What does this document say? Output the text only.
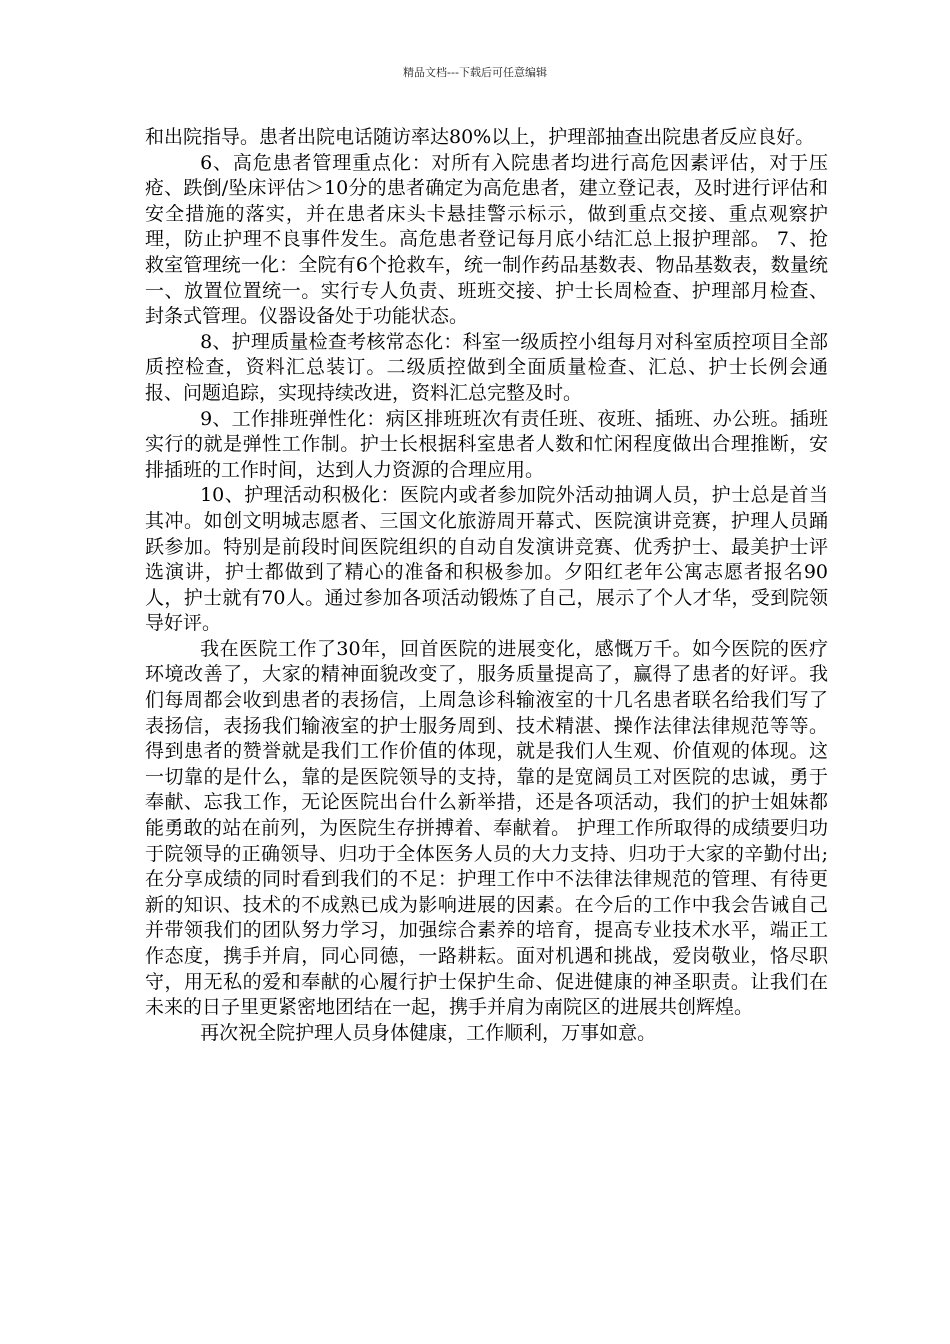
精品文档---下载后可任意编辑

和出院指导。患者出院电话随访率达80%以上，护理部抽查出院患者反应良好。

6、高危患者管理重点化：对所有入院患者均进行高危因素评估，对于压疮、跌倒/坠床评估＞10分的患者确定为高危患者，建立登记表，及时进行评估和安全措施的落实，并在患者床头卡悬挂警示标示，做到重点交接、重点观察护理，防止护理不良事件发生。高危患者登记每月底小结汇总上报护理部。 7、抢救室管理统一化：全院有6个抢救车，统一制作药品基数表、物品基数表，数量统一、放置位置统一。实行专人负责、班班交接、护士长周检查、护理部月检查、封条式管理。仪器设备处于功能状态。

8、护理质量检查考核常态化：科室一级质控小组每月对科室质控项目全部质控检查，资料汇总装订。二级质控做到全面质量检查、汇总、护士长例会通报、问题追踪，实现持续改进，资料汇总完整及时。

9、工作排班弹性化：病区排班班次有责任班、夜班、插班、办公班。插班实行的就是弹性工作制。护士长根据科室患者人数和忙闲程度做出合理推断，安排插班的工作时间，达到人力资源的合理应用。

10、护理活动积极化：医院内或者参加院外活动抽调人员，护士总是首当其冲。如创文明城志愿者、三国文化旅游周开幕式、医院演讲竞赛，护理人员踊跃参加。特别是前段时间医院组织的自动自发演讲竞赛、优秀护士、最美护士评选演讲，护士都做到了精心的准备和积极参加。夕阳红老年公寓志愿者报名90人，护士就有70人。通过参加各项活动锻炼了自己，展示了个人才华，受到院领导好评。

我在医院工作了30年，回首医院的进展变化，感慨万千。如今医院的医疗环境改善了，大家的精神面貌改变了，服务质量提高了，赢得了患者的好评。我们每周都会收到患者的表扬信，上周急诊科输液室的十几名患者联名给我们写了表扬信，表扬我们输液室的护士服务周到、技术精湛、操作法律法律规范等等。得到患者的赞誉就是我们工作价值的体现，就是我们人生观、价值观的体现。这一切靠的是什么，靠的是医院领导的支持，靠的是宽阔员工对医院的忠诚，勇于奉献、忘我工作，无论医院出台什么新举措，还是各项活动，我们的护士姐妹都能勇敢的站在前列，为医院生存拼搏着、奉献着。 护理工作所取得的成绩要归功于院领导的正确领导、归功于全体医务人员的大力支持、归功于大家的辛勤付出;在分享成绩的同时看到我们的不足：护理工作中不法律法律规范的管理、有待更新的知识、技术的不成熟已成为影响进展的因素。在今后的工作中我会告诫自己并带领我们的团队努力学习，加强综合素养的培育，提高专业技术水平，端正工作态度，携手并肩，同心同德，一路耕耘。面对机遇和挑战，爱岗敬业，恪尽职守，用无私的爱和奉献的心履行护士保护生命、促进健康的神圣职责。让我们在未来的日子里更紧密地团结在一起，携手并肩为南院区的进展共创辉煌。

再次祝全院护理人员身体健康，工作顺利，万事如意。
